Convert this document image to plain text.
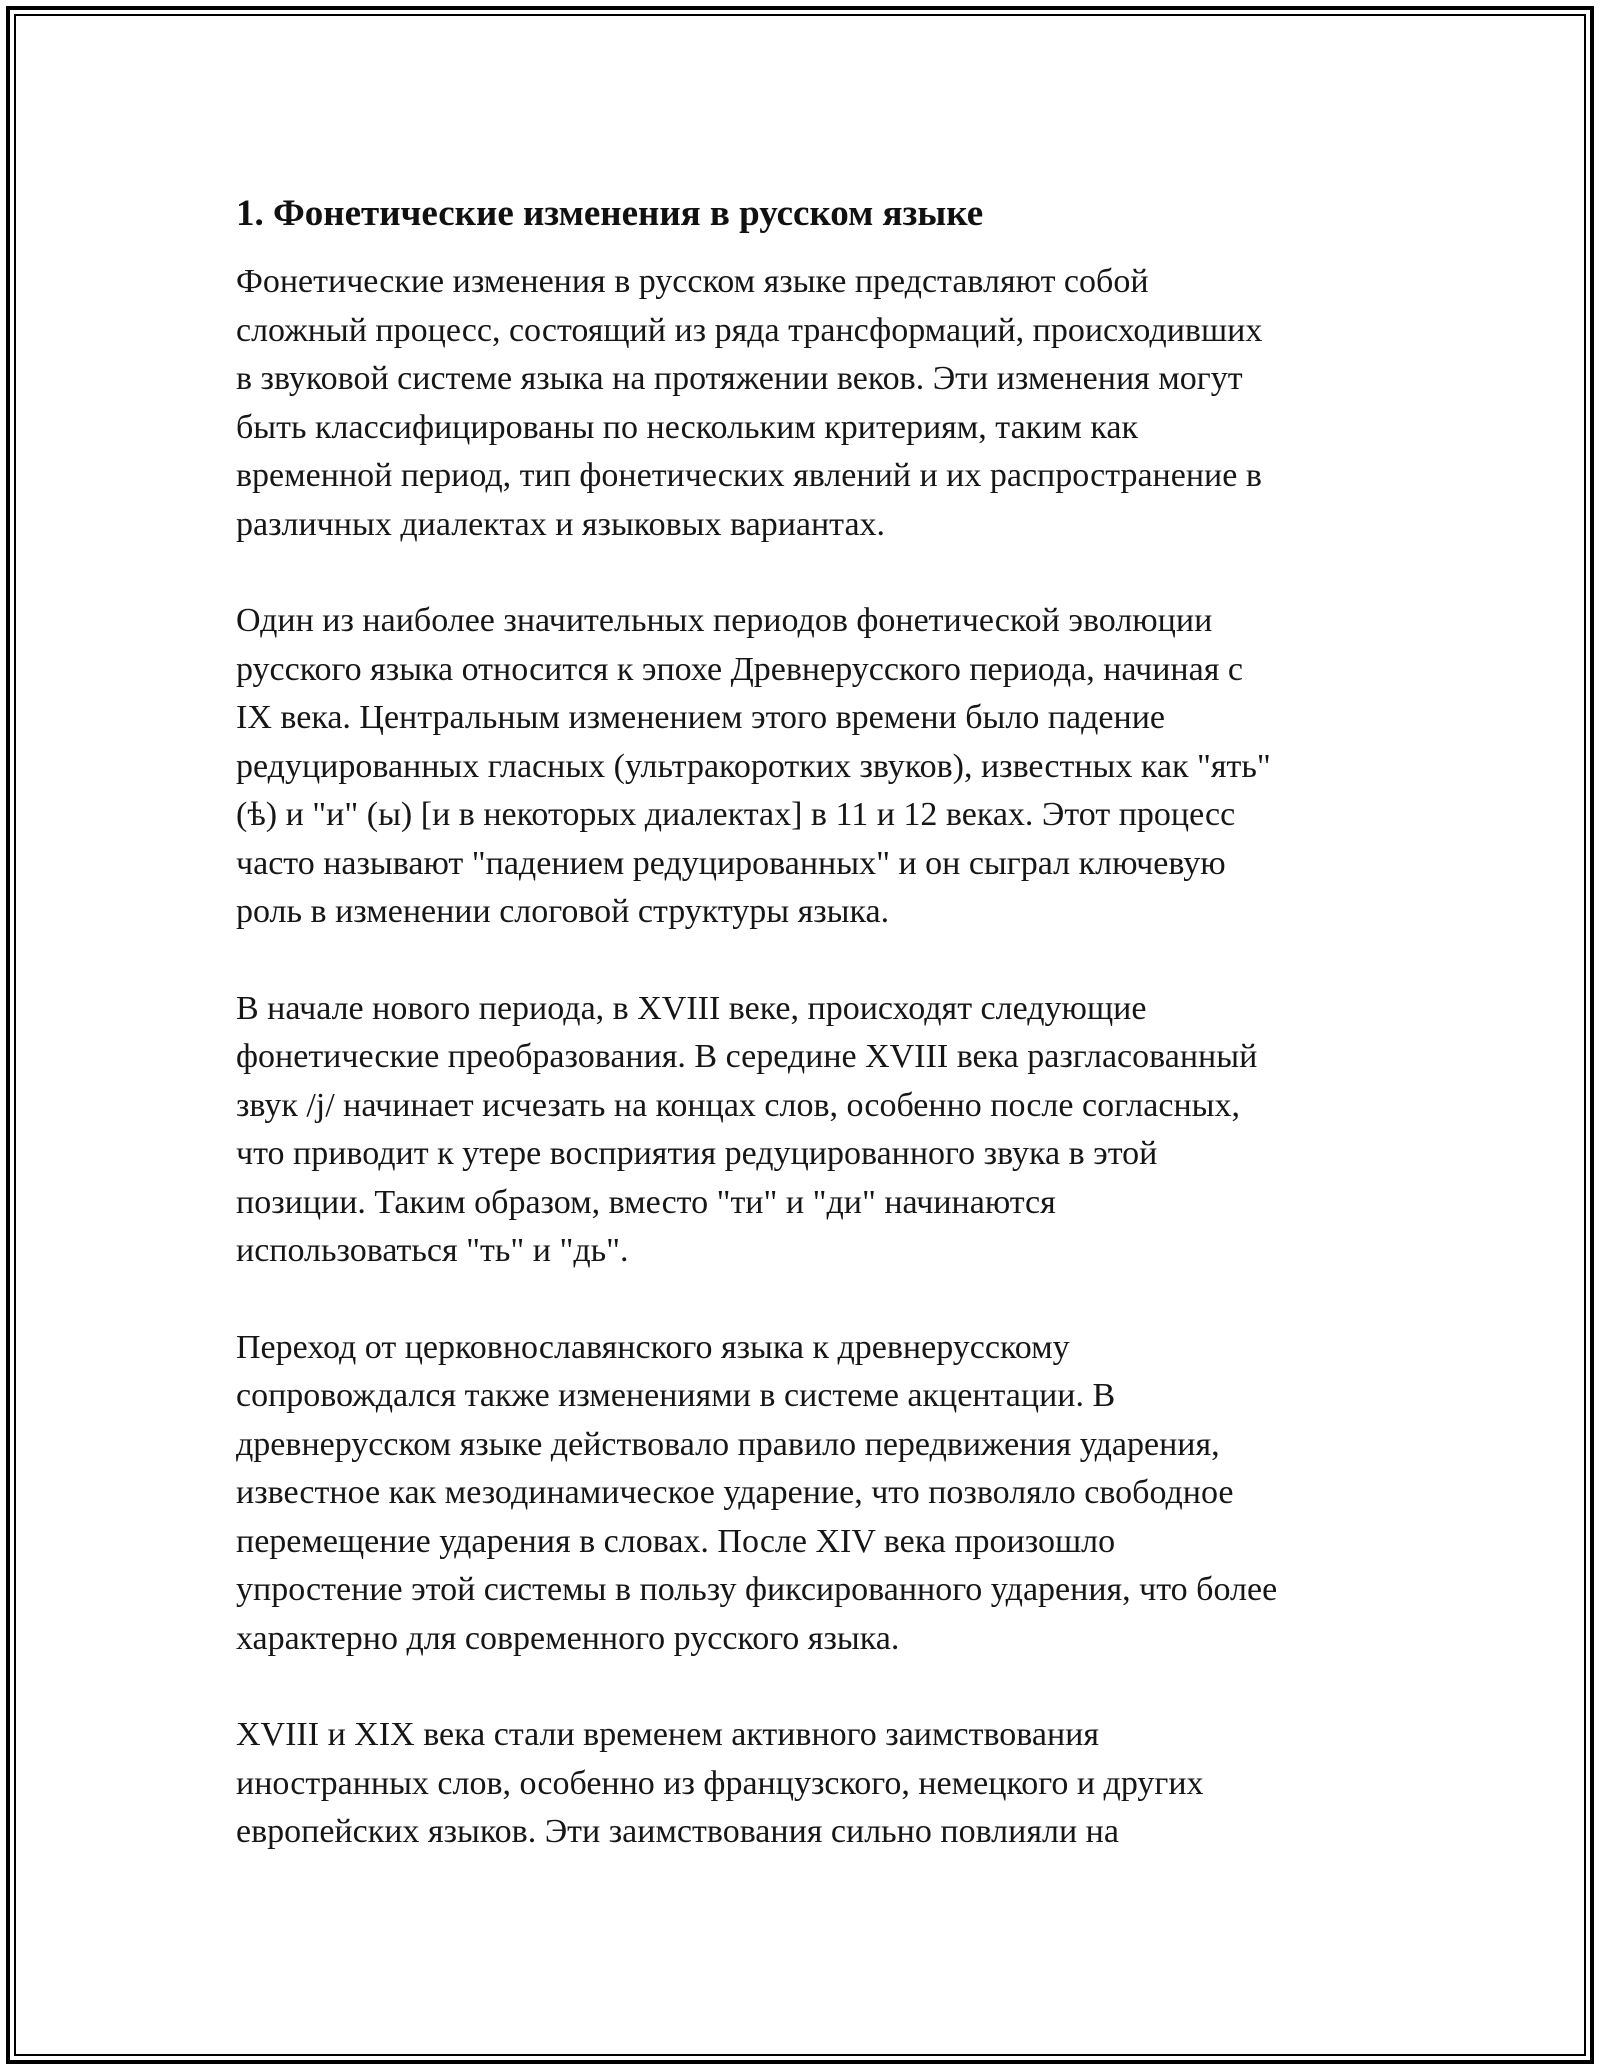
1. Фонетические изменения в русском языке

Фонетические изменения в русском языке представляют собой
сложный процесс, состоящий из ряда трансформаций, происходивших
в звуковой системе языка на протяжении веков. Эти изменения могут
быть классифицированы по нескольким критериям, таким как
временной период, тип фонетических явлений и их распространение в
различных диалектах и языковых вариантах.

Один из наиболее значительных периодов фонетической эволюции
русского языка относится к эпохе Древнерусского периода, начиная с
IX века. Центральным изменением этого времени было падение
редуцированных гласных (ультракоротких звуков), известных как "ять"
(ѣ) и "и" (ы) [и в некоторых диалектах] в 11 и 12 веках. Этот процесс
часто называют "падением редуцированных" и он сыграл ключевую
роль в изменении слоговой структуры языка.

В начале нового периода, в XVIII веке, происходят следующие
фонетические преобразования. В середине XVIII века разгласованный
звук /j/ начинает исчезать на концах слов, особенно после согласных,
что приводит к утере восприятия редуцированного звука в этой
позиции. Таким образом, вместо "ти" и "ди" начинаются
использоваться "ть" и "дь".

Переход от церковнославянского языка к древнерусскому
сопровождался также изменениями в системе акцентации. В
древнерусском языке действовало правило передвижения ударения,
известное как мезодинамическое ударение, что позволяло свободное
перемещение ударения в словах. После XIV века произошло
упростение этой системы в пользу фиксированного ударения, что более
характерно для современного русского языка.

XVIII и XIX века стали временем активного заимствования
иностранных слов, особенно из французского, немецкого и других
европейских языков. Эти заимствования сильно повлияли на
